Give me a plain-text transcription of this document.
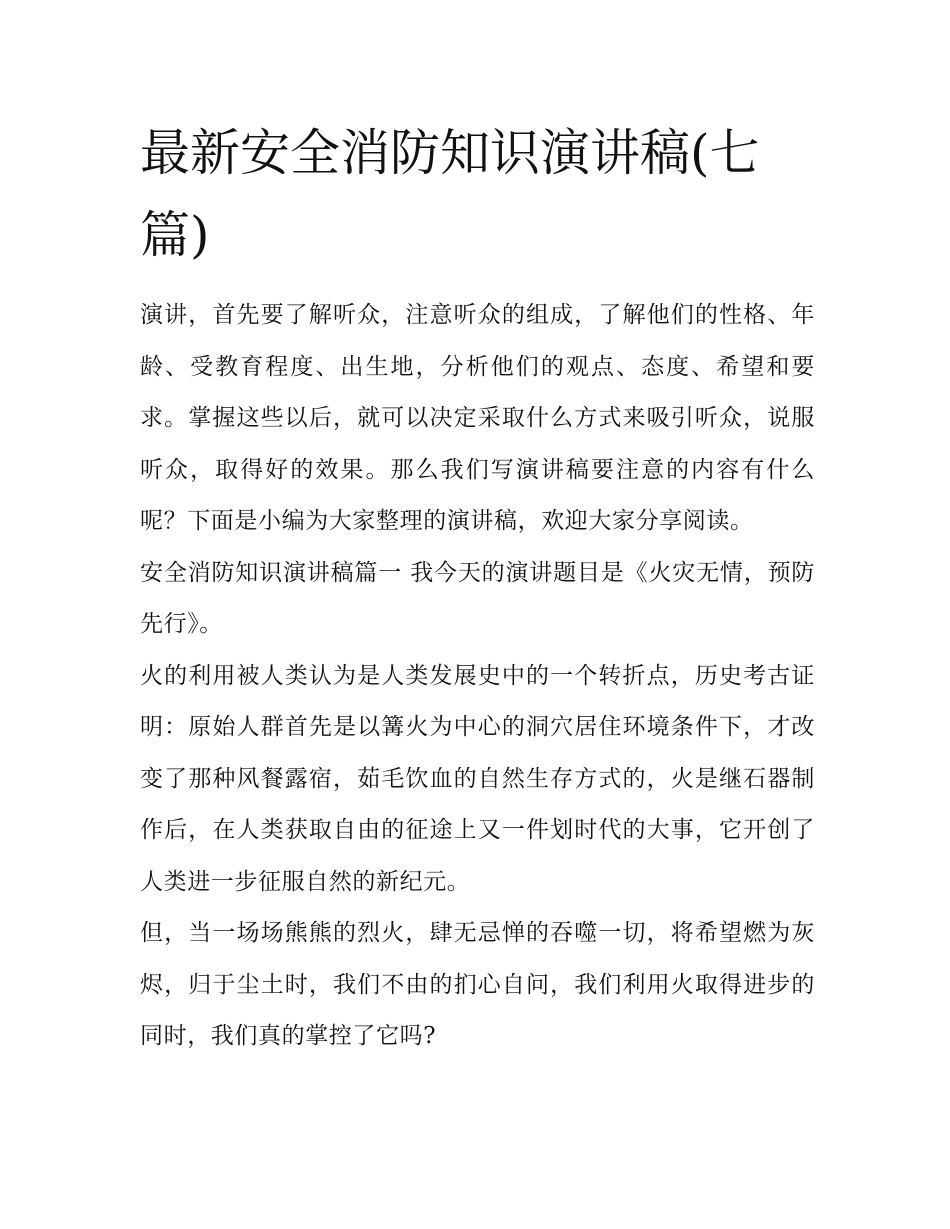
最新安全消防知识演讲稿(七
篇)

演讲，首先要了解听众，注意听众的组成，了解他们的性格、年龄、受教育程度、出生地，分析他们的观点、态度、希望和要求。掌握这些以后，就可以决定采取什么方式来吸引听众，说服听众，取得好的效果。那么我们写演讲稿要注意的内容有什么呢？下面是小编为大家整理的演讲稿，欢迎大家分享阅读。

安全消防知识演讲稿篇一 我今天的演讲题目是《火灾无情，预防先行》。

火的利用被人类认为是人类发展史中的一个转折点，历史考古证明：原始人群首先是以篝火为中心的洞穴居住环境条件下，才改变了那种风餐露宿，茹毛饮血的自然生存方式的，火是继石器制作后，在人类获取自由的征途上又一件划时代的大事，它开创了人类进一步征服自然的新纪元。

但，当一场场熊熊的烈火，肆无忌惮的吞噬一切，将希望燃为灰烬，归于尘土时，我们不由的扪心自问，我们利用火取得进步的同时，我们真的掌控了它吗?
